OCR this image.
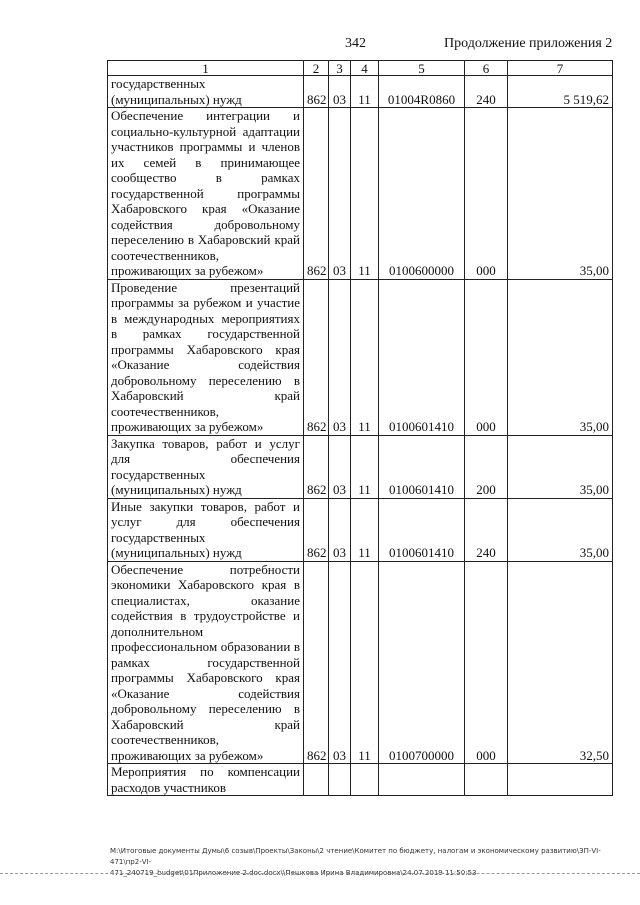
342	Продолжение приложения 2
1	2	3	4	5	6	7
государственных (муниципальных) нужд	862	03	11	01004R0860	240	5 519,62
Обеспечение интеграции и социально-культурной адаптации участников программы и членов их семей в принимающее сообщество в рамках государственной программы Хабаровского края «Оказание содействия добровольному переселению в Хабаровский край соотечественников, проживающих за рубежом»	862	03	11	0100600000	000	35,00
Проведение презентаций программы за рубежом и участие в международных мероприятиях в рамках государственной программы Хабаровского края «Оказание содействия добровольному переселению в Хабаровский край соотечественников, проживающих за рубежом»	862	03	11	0100601410	000	35,00
Закупка товаров, работ и услуг для обеспечения государственных (муниципальных) нужд	862	03	11	0100601410	200	35,00
Иные закупки товаров, работ и услуг для обеспечения государственных (муниципальных) нужд	862	03	11	0100601410	240	35,00
Обеспечение потребности экономики Хабаровского края в специалистах, оказание содействия в трудоустройстве и дополнительном профессиональном образовании в рамках государственной программы Хабаровского края «Оказание содействия добровольному переселению в Хабаровский край соотечественников, проживающих за рубежом»	862	03	11	0100700000	000	32,50
Мероприятия по компенсации расходов участников						
M:\Итоговые документы Думы\6 созыв\Проекты\Законы\2 чтение\Комитет по бюджету, налогам и экономическому развитию\ЗП-VI-471\пр2-VI-
471_240719_budget\01Приложение 2.doc.docx\\Пешкова Ирина Владимировна\24.07.2019 11:50:53
